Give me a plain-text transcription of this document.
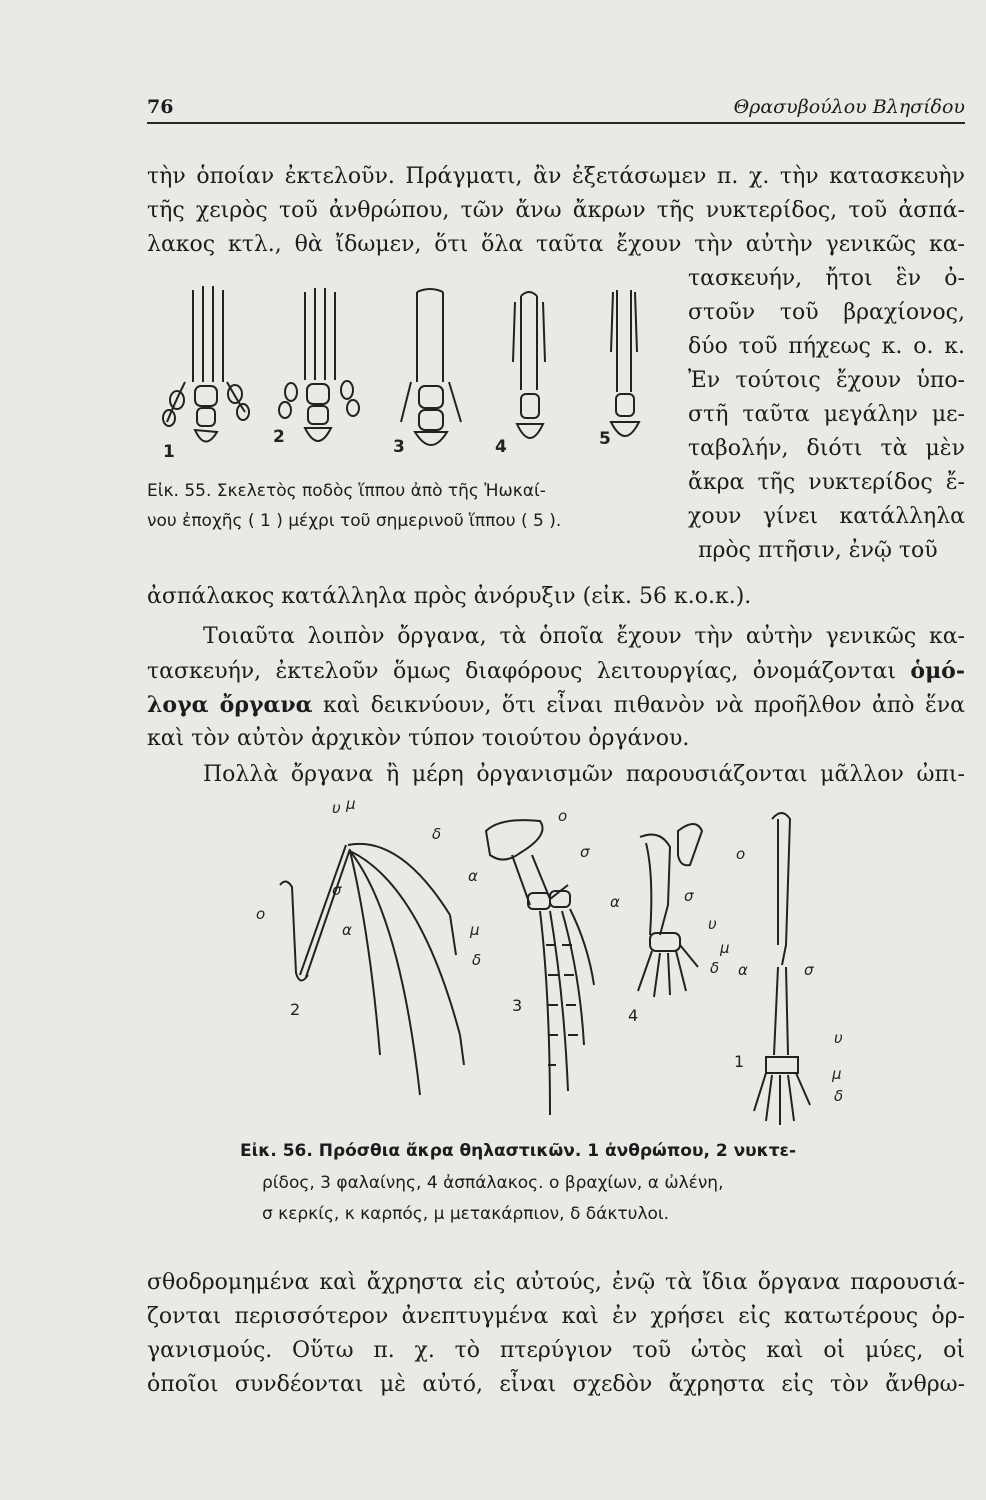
76	Θρασυβούλου Βλησίδου
τὴν ὁποίαν ἐκτελοῦν. Πράγματι, ἂν ἐξετάσωμεν π. χ. τὴν κατασκευὴν
τῆς χειρὸς τοῦ ἀνθρώπου, τῶν ἄνω ἄκρων τῆς νυκτερίδος, τοῦ ἀσπά-
λακος κτλ., θὰ ἴδωμεν, ὅτι ὅλα ταῦτα ἔχουν τὴν αὐτὴν γενικῶς κα-
τασκευήν, ἤτοι ἓν ὀ-
στοῦν τοῦ βραχίονος,
δύο τοῦ πήχεως κ. ο. κ.
Ἐν τούτοις ἔχουν ὑπο-
στῆ ταῦτα μεγάλην με-
ταβολήν, διότι τὰ μὲν
ἄκρα τῆς νυκτερίδος ἔ-
χουν γίνει κατάλληλα
πρὸς πτῆσιν, ἐνῷ τοῦ
1
2	3	4	5
Εἰκ. 55. Σκελετὸς ποδὸς ἵππου ἀπὸ τῆς Ἠωκαί-
νου ἐποχῆς ( 1 ) μέχρι τοῦ σημερινοῦ ἵππου ( 5 ).
ἀσπάλακος κατάλληλα πρὸς ἀνόρυξιν (εἰκ. 56 κ.ο.κ.).
Τοιαῦτα λοιπὸν ὄργανα, τὰ ὁποῖα ἔχουν τὴν αὐτὴν γενικῶς κα-
τασκευήν, ἐκτελοῦν ὅμως διαφόρους λειτουργίας, ὀνομάζονται ὁμό-
λογα ὄργανα καὶ δεικνύουν, ὅτι εἶναι πιθανὸν νὰ προῆλθον ἀπὸ ἕνα
καὶ τὸν αὐτὸν ἀρχικὸν τύπον τοιούτου ὀργάνου.
Πολλὰ ὄργανα ἢ μέρη ὀργανισμῶν παρουσιάζονται μᾶλλον ὠπι-
υ μ
δ
σ
ο
α
ο
σ
α
μ
δ
ο
α	σ
υ
μ
δ α	σ
υ
μ
δ
2	3
4
1
Εἰκ. 56. Πρόσθια ἄκρα θηλαστικῶν. 1 ἀνθρώπου, 2 νυκτε-
ρίδος, 3 φαλαίνης, 4 ἀσπάλακος. ο βραχίων, α ὠλένη,
σ κερκίς, κ καρπός, μ μετακάρπιον, δ δάκτυλοι.
σθοδρομημένα καὶ ἄχρηστα εἰς αὐτούς, ἐνῷ τὰ ἴδια ὄργανα παρουσιά-
ζονται περισσότερον ἀνεπτυγμένα καὶ ἐν χρήσει εἰς κατωτέρους ὀρ-
γανισμούς. Οὕτω π. χ. τὸ πτερύγιον τοῦ ὠτὸς καὶ οἱ μύες, οἱ
ὁποῖοι συνδέονται μὲ αὐτό, εἶναι σχεδὸν ἄχρηστα εἰς τὸν ἄνθρω-
